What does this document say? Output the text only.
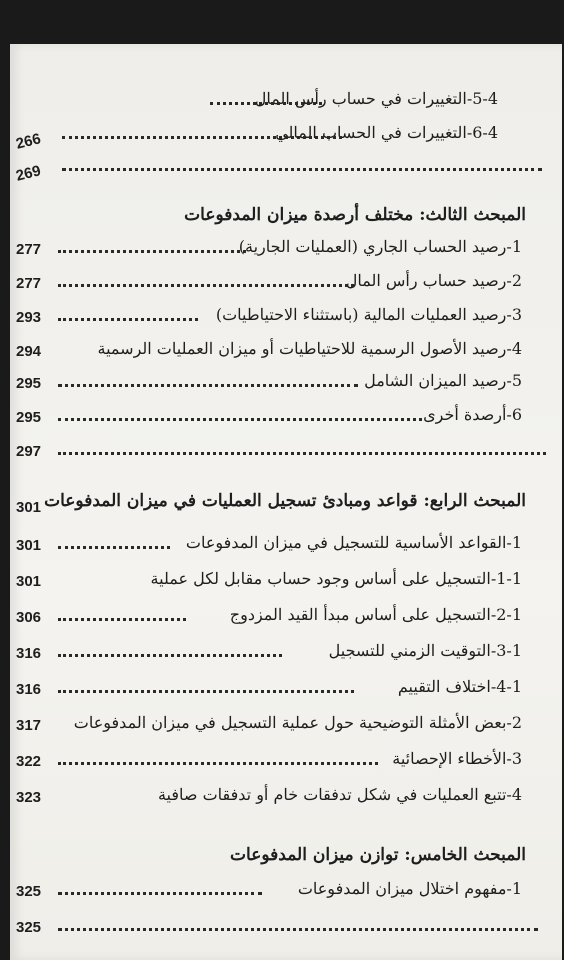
5-4-التغييرات في حساب رأس المال
6-4-التغييرات في الحساب المالي
266
269
المبحث الثالث: مختلف أرصدة ميزان المدفوعات
1-رصيد الحساب الجاري (العمليات الجارية)
277
2-رصيد حساب رأس المال
277
3-رصيد العمليات المالية (باستثناء الاحتياطيات)
293
4-رصيد الأصول الرسمية للاحتياطيات أو ميزان العمليات الرسمية
294
5-رصيد الميزان الشامل
295
6-أرصدة أخرى
295
297
المبحث الرابع: قواعد ومبادئ تسجيل العمليات في ميزان المدفوعات
301
1-القواعد الأساسية للتسجيل في ميزان المدفوعات
301
1-1-التسجيل على أساس وجود حساب مقابل لكل عملية
301
2-1-التسجيل على أساس مبدأ القيد المزدوج
306
3-1-التوقيت الزمني للتسجيل
316
4-1-اختلاف التقييم
316
2-بعض الأمثلة التوضيحية حول عملية التسجيل في ميزان المدفوعات
317
3-الأخطاء الإحصائية
322
4-تتبع العمليات في شكل تدفقات خام أو تدفقات صافية
323
المبحث الخامس: توازن ميزان المدفوعات
1-مفهوم اختلال ميزان المدفوعات
325
325
